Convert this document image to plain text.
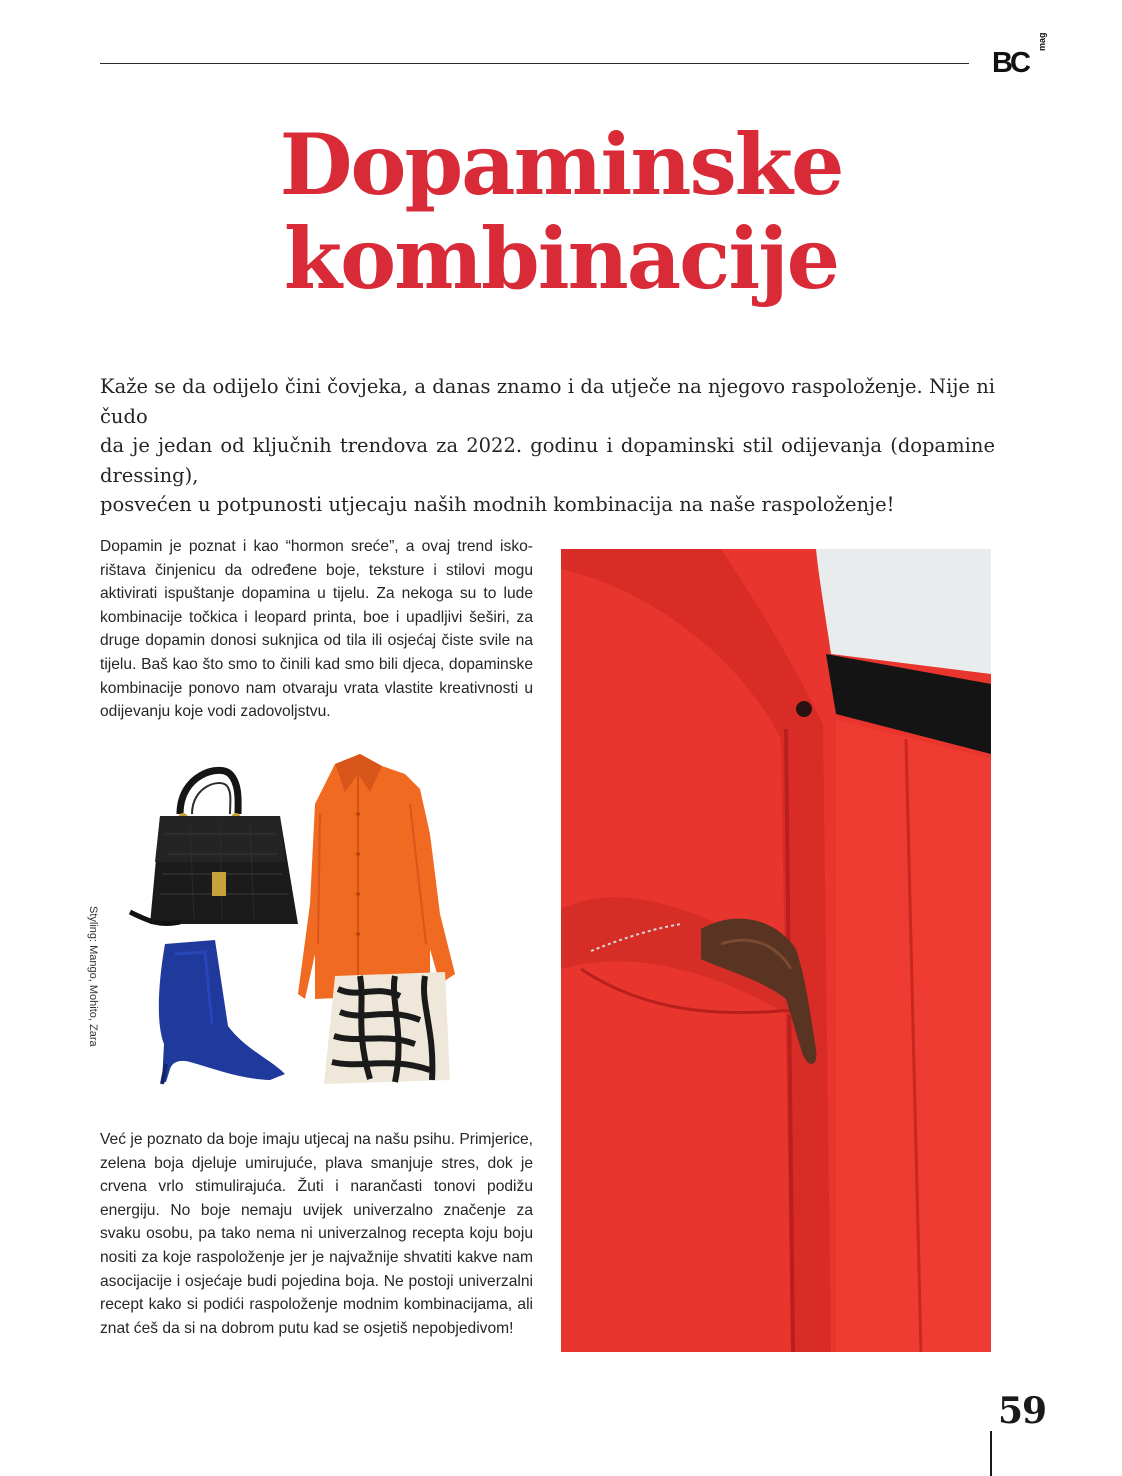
BC
mag
Dopaminske
kombinacije
Kaže se da odijelo čini čovjeka, a danas znamo i da utječe na njegovo raspoloženje. Nije ni čudo
da je jedan od ključnih trendova za 2022. godinu i dopaminski stil odijevanja (dopamine dressing),
posvećen u potpunosti utjecaju naših modnih kombinacija na naše raspoloženje!
Dopamin je poznat i kao “hormon sreće”, a ovaj trend iskorištava činjenicu da određene boje, teksture i stilovi mogu aktivirati ispuštanje dopamina u tijelu. Za nekoga su to lude kombinacije točkica i leopard printa, boe i upadljivi šeširi, za druge dopamin donosi suknjica od tila ili osjećaj čiste svile na tijelu. Baš kao što smo to činili kad smo bili djeca, dopaminske kombinacije ponovo nam otvaraju vrata vlastite kreativnosti u odijevanju koje vodi zadovoljstvu.
Styling: Mango, Mohito, Zara
Već je poznato da boje imaju utjecaj na našu psihu. Primjerice, zelena boja djeluje umirujuće, plava smanjuje stres, dok je crvena vrlo stimulirajuća. Žuti i narančasti tonovi podižu energiju. No boje nemaju uvijek univerzalno značenje za svaku osobu, pa tako nema ni univerzalnog recepta koju boju nositi za koje raspoloženje jer je najvažnije shvatiti kakve nam asocijacije i osjećaje budi pojedina boja. Ne postoji univerzalni recept kako si podići raspoloženje modnim kombinacijama, ali znat ćeš da si na dobrom putu kad se osjetiš nepobjedivom!
59
